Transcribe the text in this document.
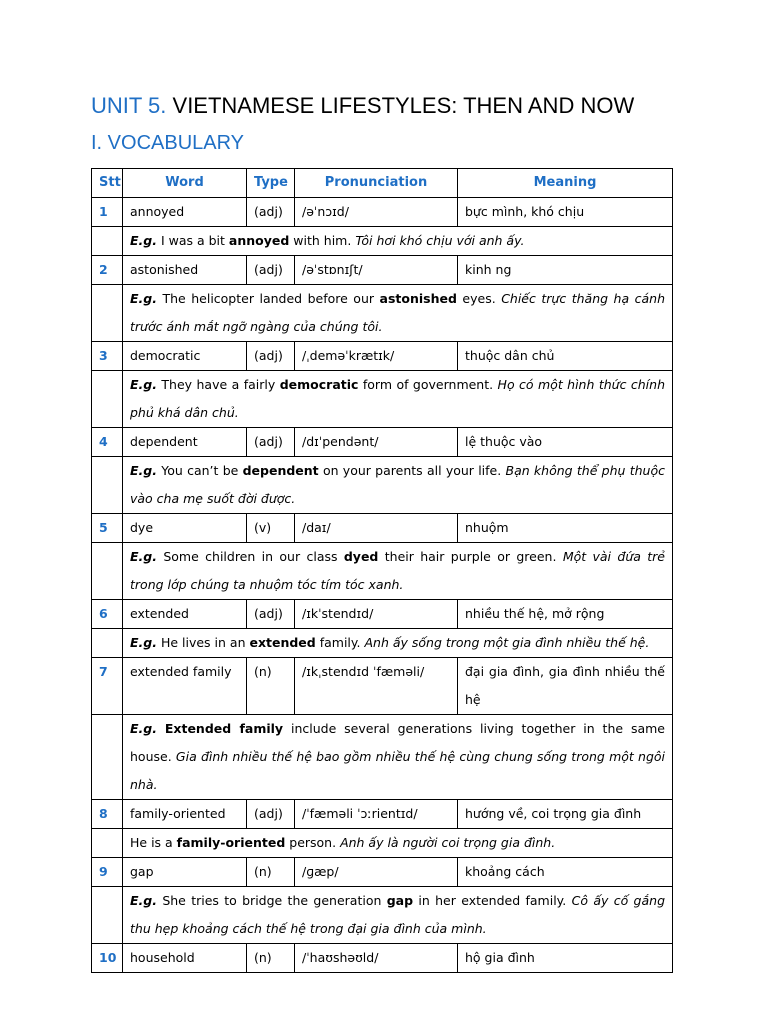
UNIT 5. VIETNAMESE LIFESTYLES: THEN AND NOW
I. VOCABULARY
Stt	Word	Type	Pronunciation	Meaning
1	annoyed	(adj)	/əˈnɔɪd/	bực mình, khó chịu
	E.g. I was a bit annoyed with him. Tôi hơi khó chịu với anh ấy.			
2	astonished	(adj)	/əˈstɒnɪʃt/	kinh ng
	E.g. The helicopter landed before our astonished eyes. Chiếc trực thăng hạ cánh trước ánh mắt ngỡ ngàng của chúng tôi.			
3	democratic	(adj)	/ˌdeməˈkrætɪk/	thuộc dân chủ
	E.g. They have a fairly democratic form of government. Họ có một hình thức chính phủ khá dân chủ.			
4	dependent	(adj)	/dɪˈpendənt/	lệ thuộc vào
	E.g. You can’t be dependent on your parents all your life. Bạn không thể phụ thuộc vào cha mẹ suốt đời được.			
5	dye	(v)	/daɪ/	nhuộm
	E.g. Some children in our class dyed their hair purple or green. Một vài đứa trẻ trong lớp chúng ta nhuộm tóc tím tóc xanh.			
6	extended	(adj)	/ɪkˈstendɪd/	nhiều thế hệ, mở rộng
	E.g. He lives in an extended family. Anh ấy sống trong một gia đình nhiều thế hệ.			
7	extended family	(n)	/ɪkˌstendɪd ˈfæməli/	đại gia đình, gia đình nhiều thế hệ
	E.g. Extended family include several generations living together in the same house. Gia đình nhiều thế hệ bao gồm nhiều thế hệ cùng chung sống trong một ngôi nhà.			
8	family-oriented	(adj)	/ˈfæməli ˈɔːrientɪd/	hướng về, coi trọng gia đình
	He is a family-oriented person. Anh ấy là người coi trọng gia đình.			
9	gap	(n)	/ɡæp/	khoảng cách
	E.g. She tries to bridge the generation gap in her extended family. Cô ấy cố gắng thu hẹp khoảng cách thế hệ trong đại gia đình của mình.			
10	household	(n)	/ˈhaʊshəʊld/	hộ gia đình
